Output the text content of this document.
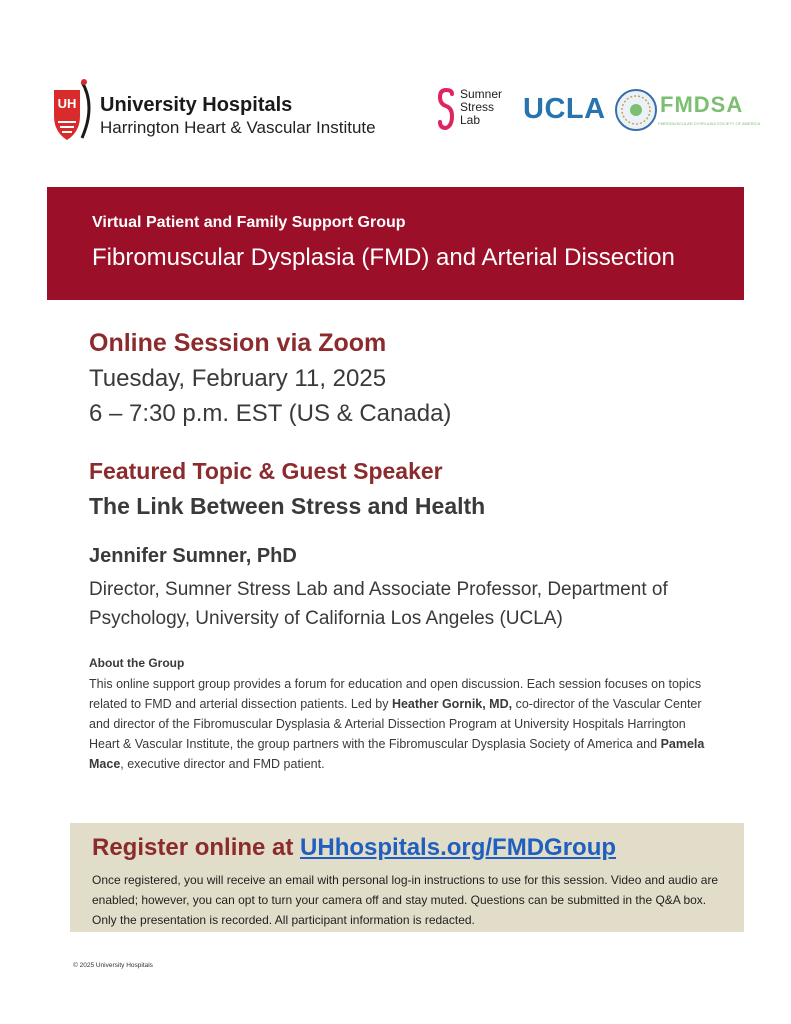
UH University Hospitals
Harrington Heart & Vascular Institute
Sumner
Stress
Lab	UCLA FMDSA
FIBROMUSCULAR DYSPLASIA SOCIETY OF AMERICA
Virtual Patient and Family Support Group
Fibromuscular Dysplasia (FMD) and Arterial Dissection
Online Session via Zoom
Tuesday, February 11, 2025
6 – 7:30 p.m. EST (US & Canada)
Featured Topic & Guest Speaker
The Link Between Stress and Health
Jennifer Sumner, PhD
Director, Sumner Stress Lab and Associate Professor, Department of Psychology, University of California Los Angeles (UCLA)
About the Group
This online support group provides a forum for education and open discussion. Each session focuses on topics related to FMD and arterial dissection patients. Led by Heather Gornik, MD, co-director of the Vascular Center and director of the Fibromuscular Dysplasia & Arterial Dissection Program at University Hospitals Harrington Heart & Vascular Institute, the group partners with the Fibromuscular Dysplasia Society of America and Pamela Mace, executive director and FMD patient.
Register online at UHhospitals.org/FMDGroup
Once registered, you will receive an email with personal log-in instructions to use for this session. Video and audio are enabled; however, you can opt to turn your camera off and stay muted. Questions can be submitted in the Q&A box. Only the presentation is recorded. All participant information is redacted.
© 2025 University Hospitals
